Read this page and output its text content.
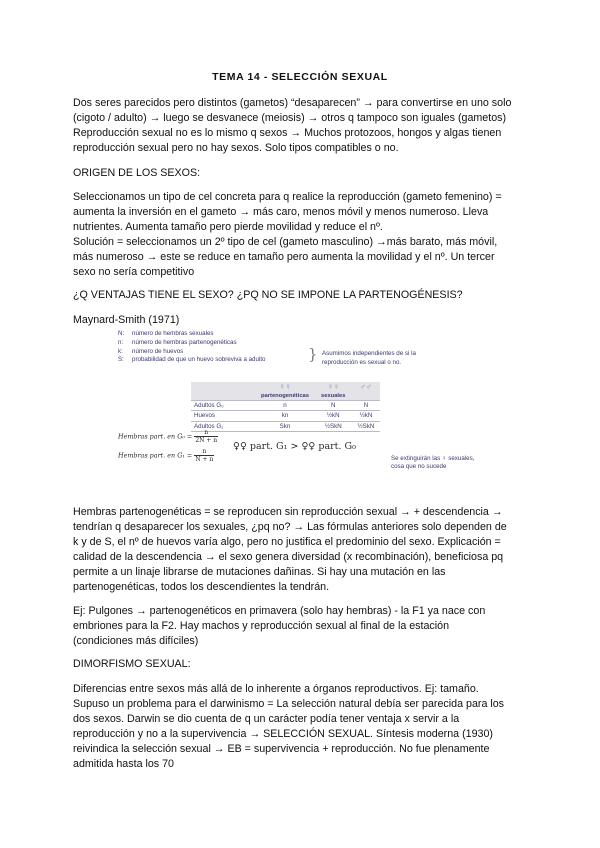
TEMA 14 - SELECCIÓN SEXUAL
Dos seres parecidos pero distintos (gametos) “desaparecen” → para convertirse en uno solo
(cigoto / adulto) → luego se desvanece (meiosis) → otros q tampoco son iguales (gametos)
Reproducción sexual no es lo mismo q sexos → Muchos protozoos, hongos y algas tienen
reproducción sexual pero no hay sexos. Solo tipos compatibles o no.
ORIGEN DE LOS SEXOS:
Seleccionamos un tipo de cel concreta para q realice la reproducción (gameto femenino) =
aumenta la inversión en el gameto → más caro, menos móvil y menos numeroso. Lleva
nutrientes. Aumenta tamaño pero pierde movilidad y reduce el nº.
Solución = seleccionamos un 2º tipo de cel (gameto masculino) →más barato, más móvil,
más numeroso → este se reduce en tamaño pero aumenta la movilidad y el nº. Un tercer
sexo no sería competitivo
¿Q VENTAJAS TIENE EL SEXO? ¿PQ NO SE IMPONE LA PARTENOGÉNESIS?
Maynard-Smith (1971)
N: número de hembras sexuales
n: número de hembras partenogenéticas
k: número de huevos
S: probabilidad de que un huevo sobreviva a adulto	} Asumimos independientes de si la
reproducción es sexual o no.
	♀♀	♀♀	♂♂
	partenogenéticas	sexuales	
Adultos G₀	n	N	N
Huevos	kn	½kN	½kN
Adultos G₁	Skn	½SkN	½SkN
Hembras part. en $G_0 = \frac{n}{2N + n}$
Hembras part. en $G_1 = \frac{n}{N + n}$
♀♀ part. G₁ > ♀♀ part. G₀
Se extinguirán las ♀ sexuales,
cosa que no sucede
Hembras partenogenéticas = se reproducen sin reproducción sexual → + descendencia →
tendrían q desaparecer los sexuales, ¿pq no? → Las fórmulas anteriores solo dependen de
k y de S, el nº de huevos varía algo, pero no justifica el predominio del sexo. Explicación =
calidad de la descendencia → el sexo genera diversidad (x recombinación), beneficiosa pq
permite a un linaje librarse de mutaciones dañinas. Si hay una mutación en las
partenogenéticas, todos los descendientes la tendrán.
Ej: Pulgones → partenogenéticos en primavera (solo hay hembras) - la F1 ya nace con
embriones para la F2. Hay machos y reproducción sexual al final de la estación
(condiciones más difíciles)
DIMORFISMO SEXUAL:
Diferencias entre sexos más allá de lo inherente a órganos reproductivos. Ej: tamaño.
Supuso un problema para el darwinismo = La selección natural debía ser parecida para los
dos sexos. Darwin se dio cuenta de q un carácter podía tener ventaja x servir a la
reproducción y no a la supervivencia → SELECCIÓN SEXUAL. Síntesis moderna (1930)
reivindica la selección sexual → EB = supervivencia + reproducción. No fue plenamente
admitida hasta los 70
